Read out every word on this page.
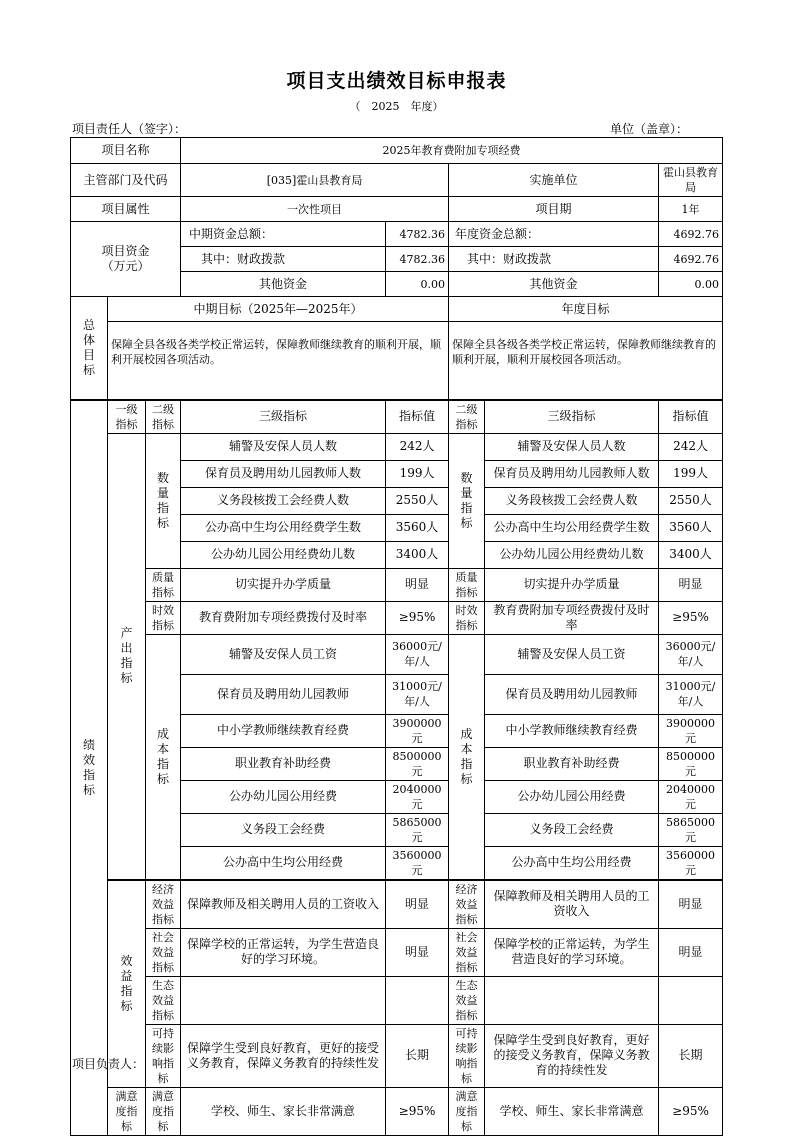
项目支出绩效目标申报表
（　2025　年度）
项目责任人（签字）：	单位（盖章）：
项目名称			2025年教育费附加专项经费				
主管部门及代码			[035]霍山县教育局		实施单位		霍山县教育局
项目属性			一次性项目		项目期		1年
项目资金（万元）			中期资金总额：	4782.36	年度资金总额：		4692.76
			其中：财政拨款	4782.36	其中：财政拨款		4692.76
			其他资金	0.00	其他资金		0.00
总体目标	中期目标（2025年—2025年）				年度目标		
	保障全县各级各类学校正常运转，保障教师继续教育的顺利开展，顺利开展校园各项活动。				保障全县各级各类学校正常运转，保障教师继续教育的顺利开展，顺利开展校园各项活动。		
绩效指标	一级指标	二级指标	三级指标	指标值	二级指标	三级指标	指标值
	产出指标	数量指标	辅警及安保人员人数	242人	数量指标	辅警及安保人员人数	242人
			保育员及聘用幼儿园教师人数	199人		保育员及聘用幼儿园教师人数	199人
			义务段核拨工会经费人数	2550人		义务段核拨工会经费人数	2550人
			公办高中生均公用经费学生数	3560人		公办高中生均公用经费学生数	3560人
			公办幼儿园公用经费幼儿数	3400人		公办幼儿园公用经费幼儿数	3400人
		质量指标	切实提升办学质量	明显	质量指标	切实提升办学质量	明显
		时效指标	教育费附加专项经费拨付及时率	≥95%	时效指标	教育费附加专项经费拨付及时率	≥95%
		成本指标	辅警及安保人员工资	36000元/年/人	成本指标	辅警及安保人员工资	36000元/年/人
			保育员及聘用幼儿园教师	31000元/年/人		保育员及聘用幼儿园教师	31000元/年/人
			中小学教师继续教育经费	3900000元		中小学教师继续教育经费	3900000元
			职业教育补助经费	8500000元		职业教育补助经费	8500000元
			公办幼儿园公用经费	2040000元		公办幼儿园公用经费	2040000元
			义务段工会经费	5865000元		义务段工会经费	5865000元
			公办高中生均公用经费	3560000元		公办高中生均公用经费	3560000元
	效益指标	经济效益指标	保障教师及相关聘用人员的工资收入	明显	经济效益指标	保障教师及相关聘用人员的工资收入	明显
		社会效益指标	保障学校的正常运转，为学生营造良好的学习环境。	明显	社会效益指标	保障学校的正常运转，为学生营造良好的学习环境。	明显
		生态效益指标			生态效益指标		
		可持续影响指标	保障学生受到良好教育，更好的接受义务教育，保障义务教育的持续性发	长期	可持续影响指标	保障学生受到良好教育，更好的接受义务教育，保障义务教育的持续性发	长期
	满意度指标	满意度指标	学校、师生、家长非常满意	≥95%	满意度指标	学校、师生、家长非常满意	≥95%
项目负责人：
